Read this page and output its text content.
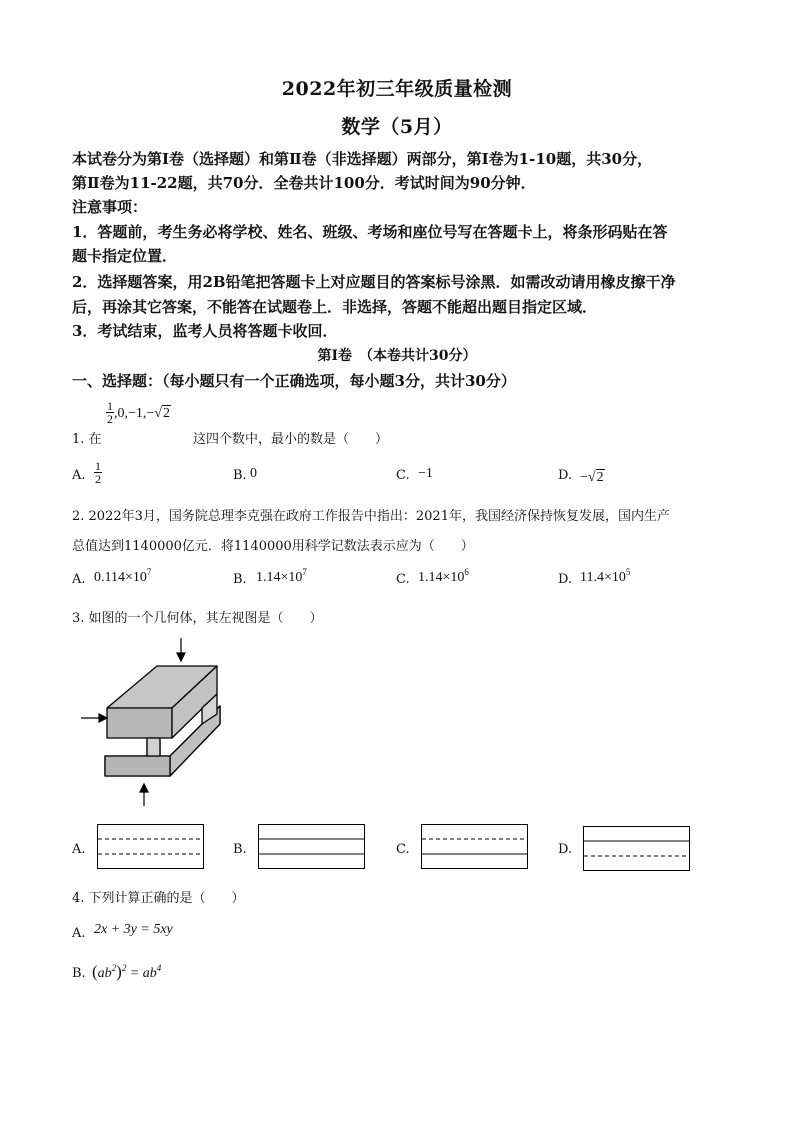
2022年初三年级质量检测
数学（5月）
本试卷分为第Ⅰ卷（选择题）和第Ⅱ卷（非选择题）两部分，第Ⅰ卷为1-10题，共30分，
第Ⅱ卷为11-22题，共70分．全卷共计100分．考试时间为90分钟．
注意事项：
1．答题前，考生务必将学校、姓名、班级、考场和座位号写在答题卡上，将条形码贴在答
题卡指定位置．
2．选择题答案，用2B铅笔把答题卡上对应题目的答案标号涂黑．如需改动请用橡皮擦干净
后，再涂其它答案，不能答在试题卷上．非选择，答题不能超出题目指定区域．
3．考试结束，监考人员将答题卡收回．
第Ⅰ卷　（本卷共计30分）
一、选择题：（每小题只有一个正确选项，每小题3分，共计30分）
1. 在
$\frac{1}{2} ,0,-1,-√2$
这四个数中，最小的数是（　　）
A. $\frac{1}{2}$	B. 0	C. −1	D. −√2
2. 2022年3月，国务院总理李克强在政府工作报告中指出：2021年，我国经济保持恢复发展，国内生产
总值达到1140000亿元．将1140000用科学记数法表示应为（　　）
A. $0.114\times 10^7$	B. $1.14\times 10^7$	C. $1.14\times 10^6$	D. $11.4\times 10^5$
3. 如图的一个几何体，其左视图是（　　）
A.	B.	C.	D.
4. 下列计算正确的是（　　）
A. 2x + 3y = 5xy
B. $(ab^2)^2 = ab^4$
